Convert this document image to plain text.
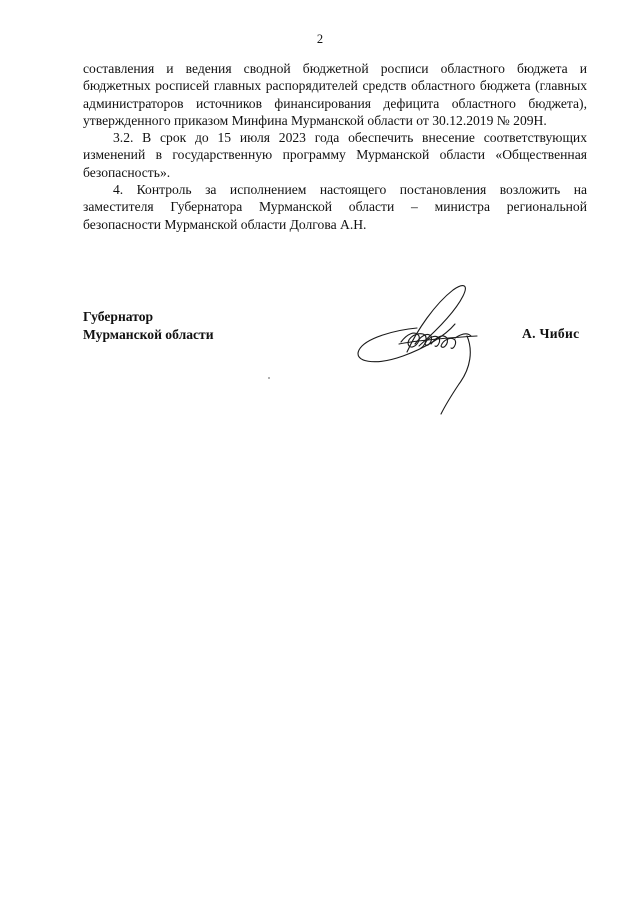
2

составления и ведения сводной бюджетной росписи областного бюджета и бюджетных росписей главных распорядителей средств областного бюджета (главных администраторов источников финансирования дефицита областного бюджета), утвержденного приказом Минфина Мурманской области от 30.12.2019 № 209Н.

3.2. В срок до 15 июля 2023 года обеспечить внесение соответствующих изменений в государственную программу Мурманской области «Общественная безопасность».

4. Контроль за исполнением настоящего постановления возложить на заместителя Губернатора Мурманской области – министра региональной безопасности Мурманской области Долгова А.Н.

Губернатор
Мурманской области	А. Чибис
